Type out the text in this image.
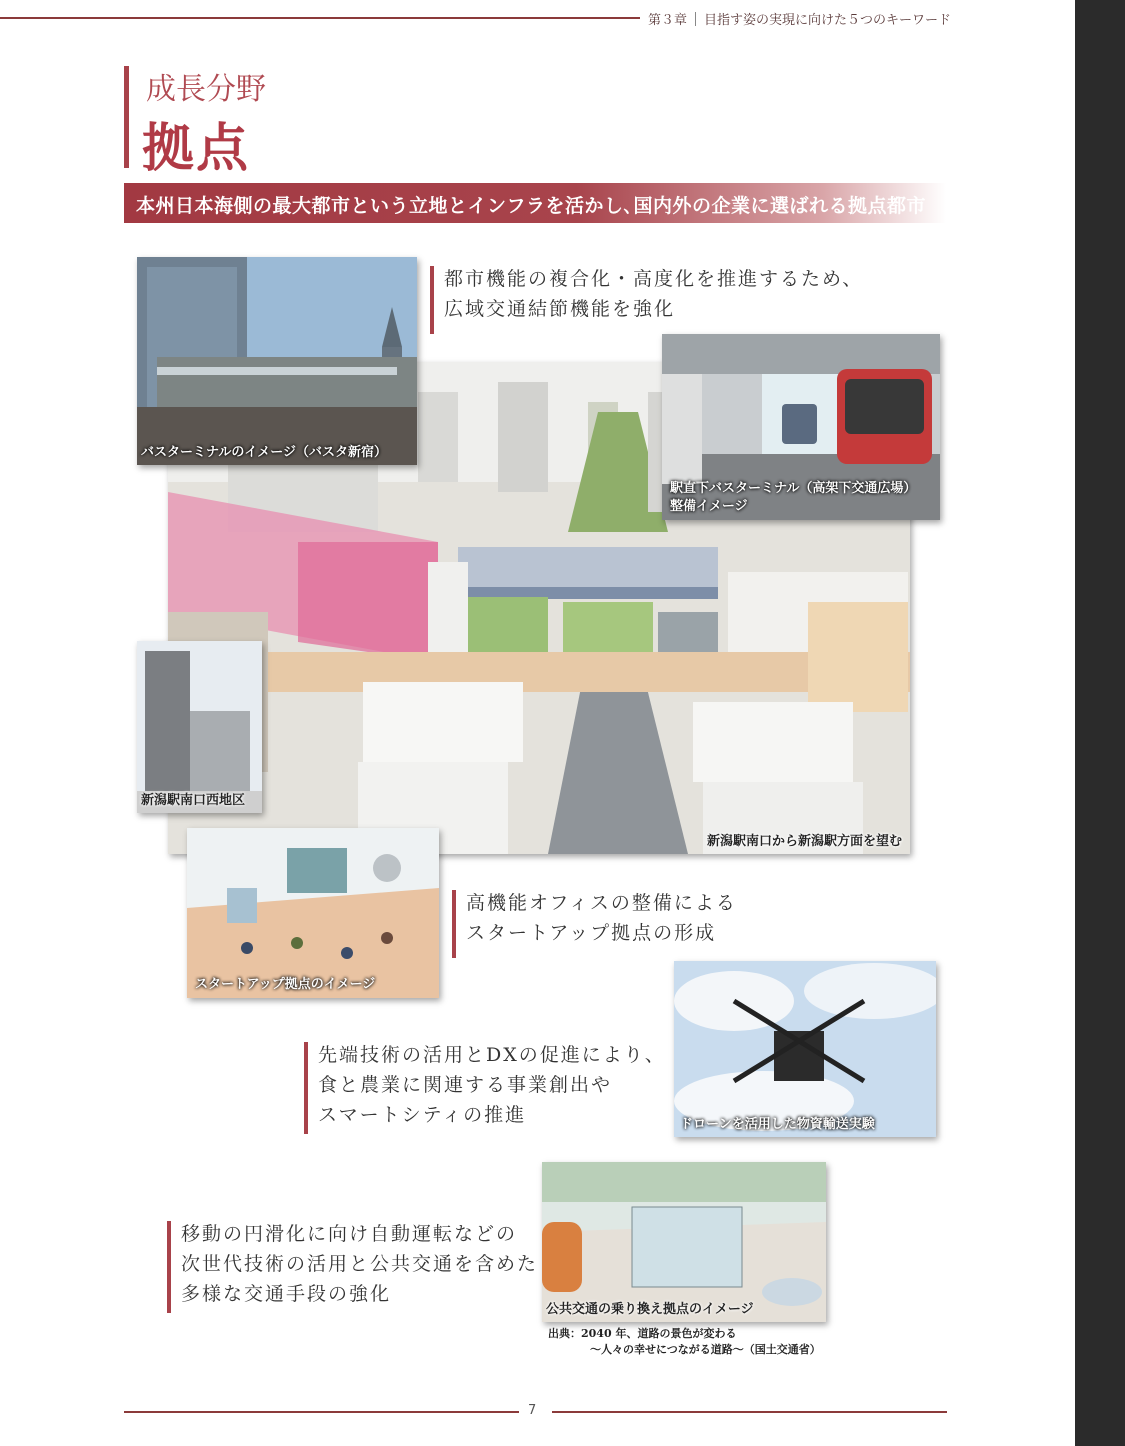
第３章 目指す姿の実現に向けた５つのキーワード
成長分野
拠点
本州日本海側の最大都市という立地とインフラを活かし､国内外の企業に選ばれる拠点都市
新潟駅南口から新潟駅方面を望む
バスターミナルのイメージ（バスタ新宿）
都市機能の複合化・高度化を推進するため、
広域交通結節機能を強化
駅直下バスターミナル（高架下交通広場）
整備イメージ
新潟駅南口西地区
スタートアップ拠点のイメージ
高機能オフィスの整備による
スタートアップ拠点の形成
ドローンを活用した物資輸送実験
先端技術の活用とDXの促進により、
食と農業に関連する事業創出や
スマートシティの推進
公共交通の乗り換え拠点のイメージ
出典：2040 年、道路の景色が変わる
～人々の幸せにつながる道路～（国土交通省）
移動の円滑化に向け自動運転などの
次世代技術の活用と公共交通を含めた
多様な交通手段の強化
7
